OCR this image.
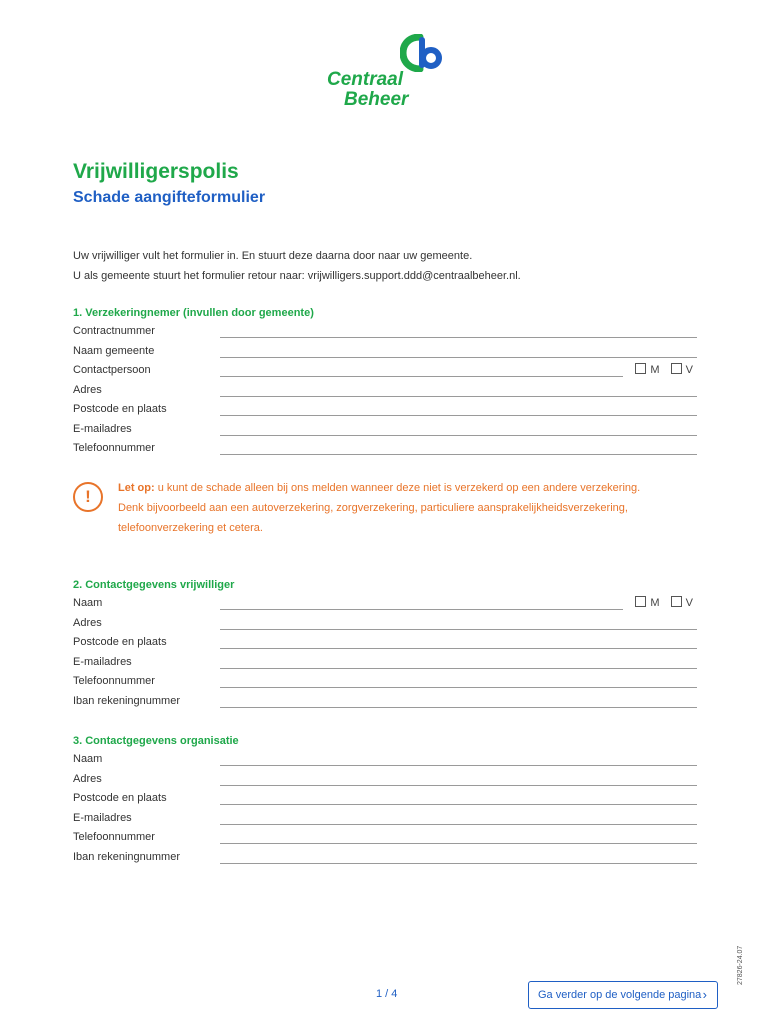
Centraal
Beheer
Vrijwilligerspolis
Schade aangifteformulier
Uw vrijwilliger vult het formulier in. En stuurt deze daarna door naar uw gemeente.
U als gemeente stuurt het formulier retour naar: vrijwilligers.support.ddd@centraalbeheer.nl.
1. Verzekeringnemer (invullen door gemeente)
Contractnummer
Naam gemeente
Contactpersoon	M V
Adres
Postcode en plaats
E-mailadres
Telefoonnummer
!	Let op: u kunt de schade alleen bij ons melden wanneer deze niet is verzekerd op een andere verzekering.
Denk bijvoorbeeld aan een autoverzekering, zorgverzekering, particuliere aansprakelijkheidsverzekering,
telefoonverzekering et cetera.
2. Contactgegevens vrijwilliger
Naam	M V
Adres
Postcode en plaats
E-mailadres
Telefoonnummer
Iban rekeningnummer
3. Contactgegevens organisatie
Naam
Adres
Postcode en plaats
E-mailadres
Telefoonnummer
Iban rekeningnummer
1 / 4	Ga verder op de volgende pagina ›
27826-24.07
